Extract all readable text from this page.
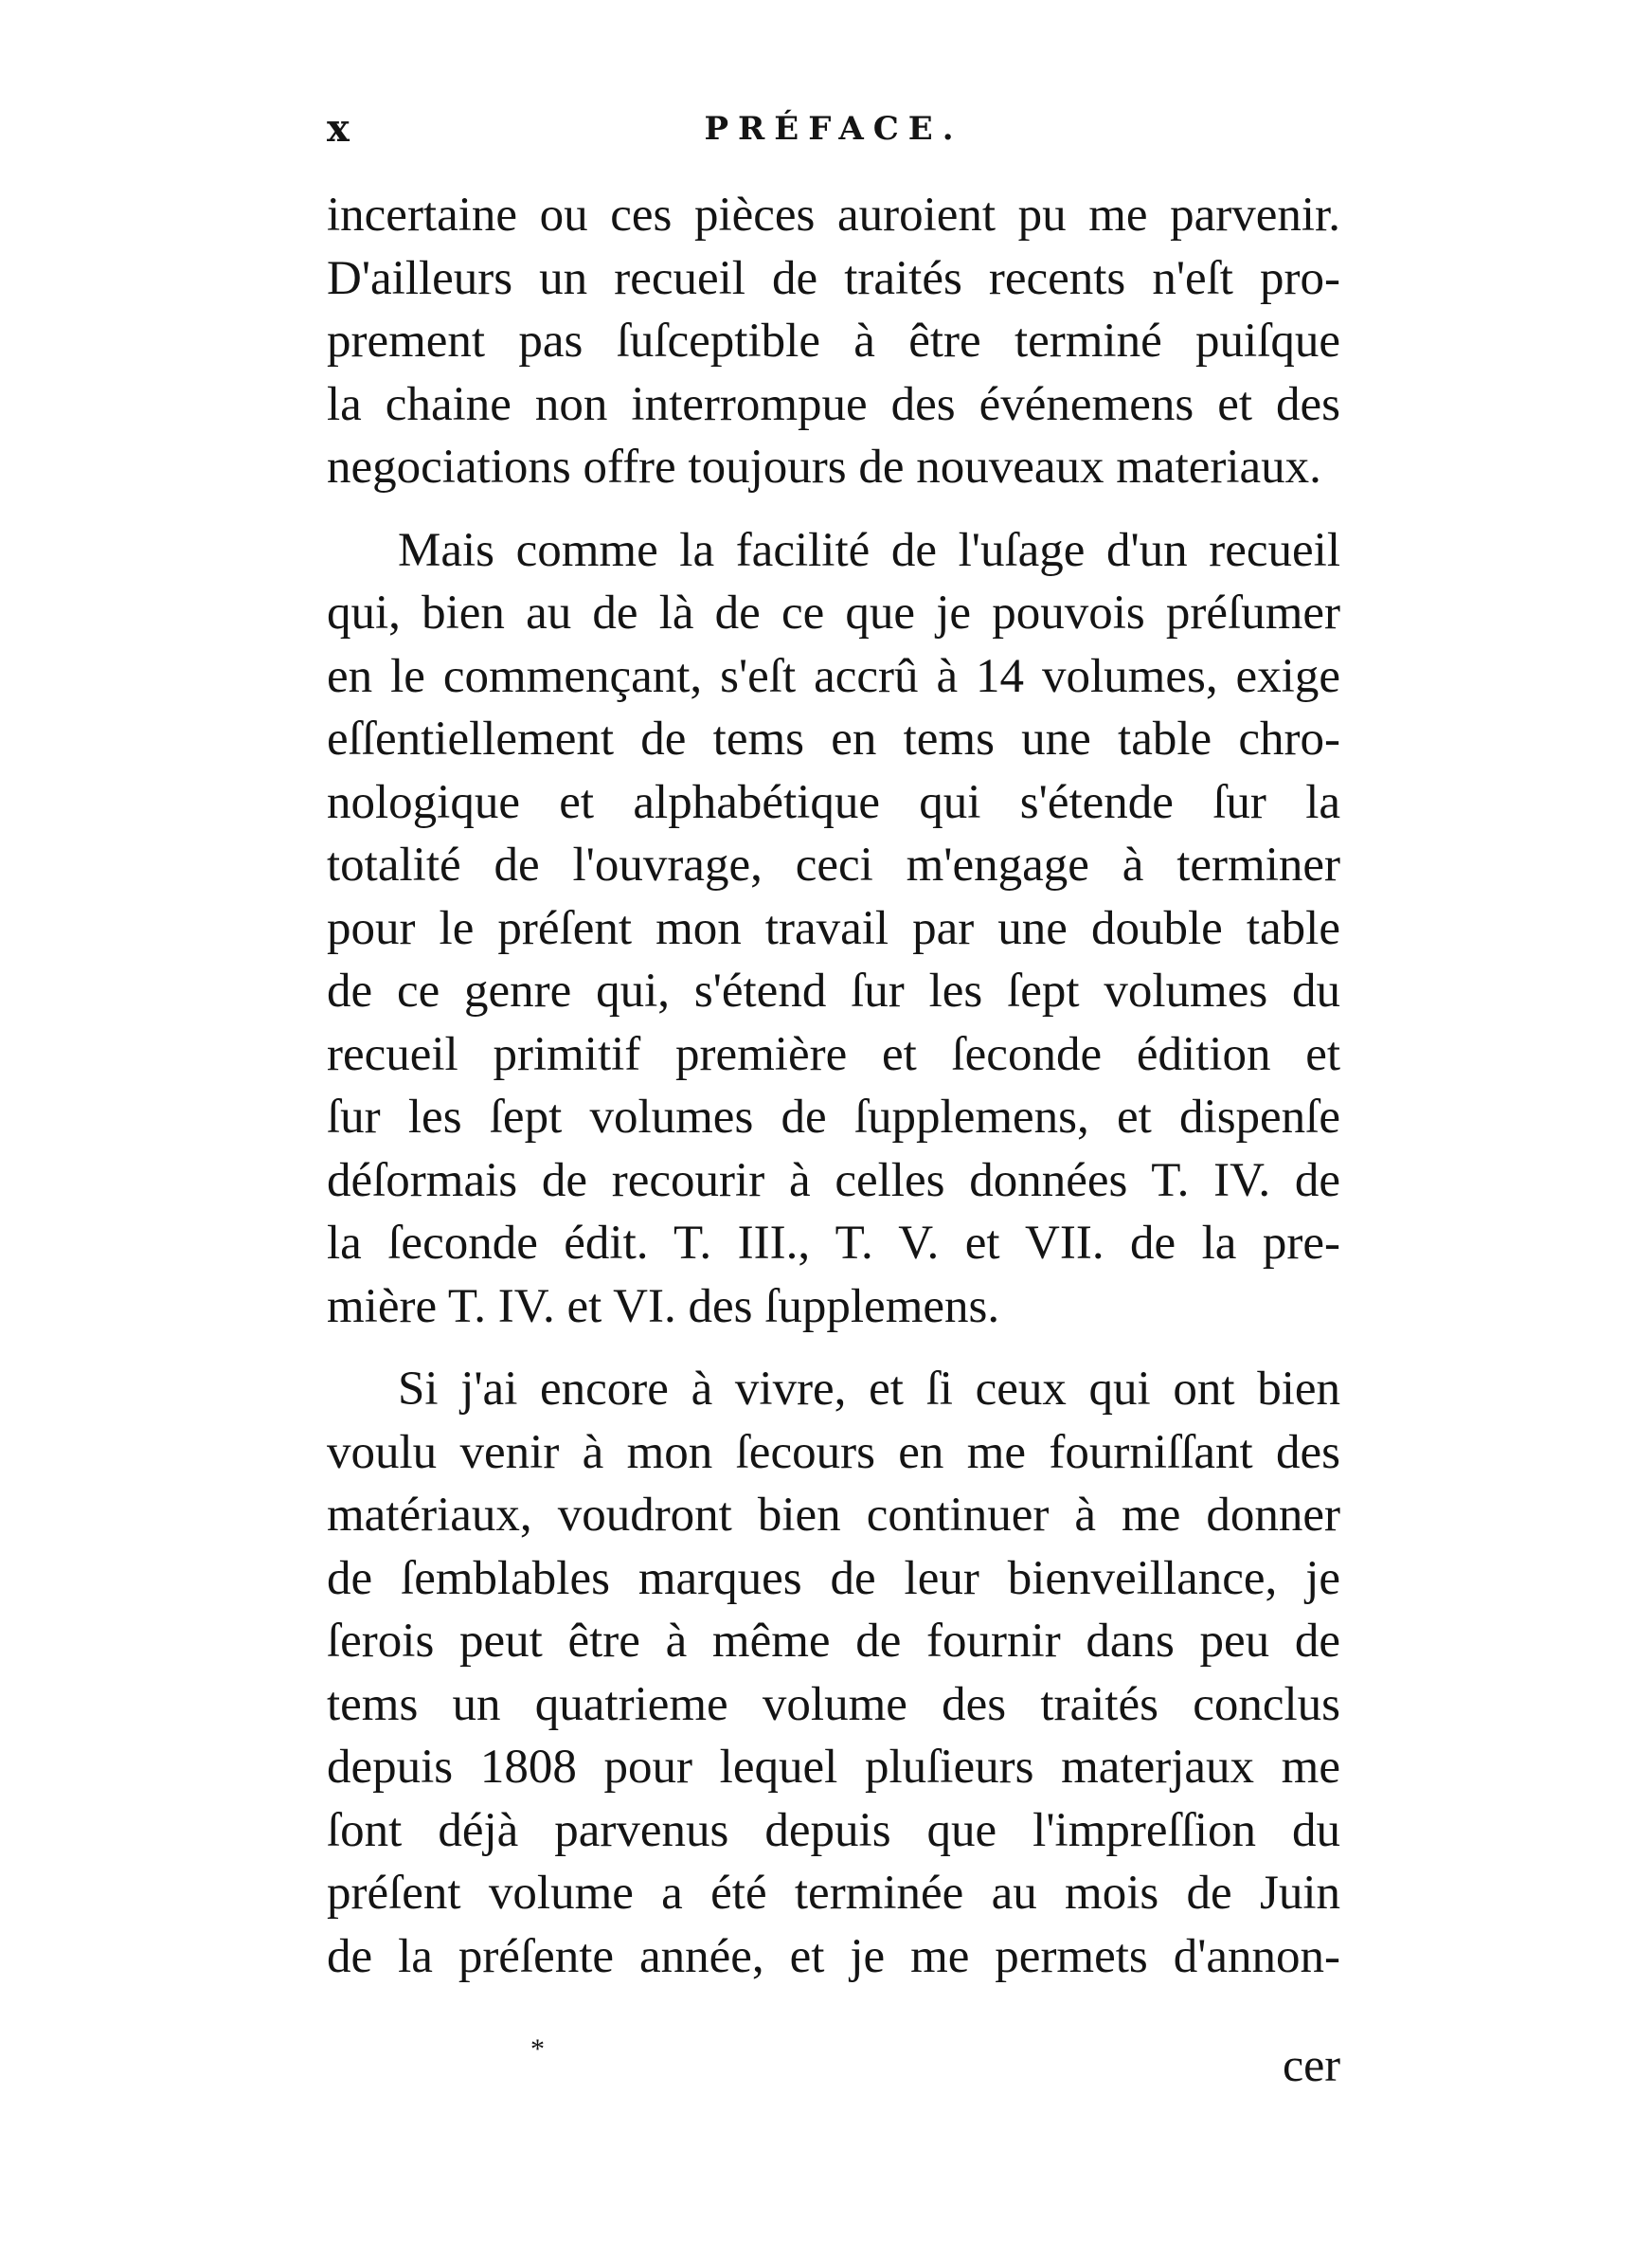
x	PRÉFACE.
incertaine ou ces pièces auroient pu me parvenir.
D'ailleurs un recueil de traités recents n'eſt pro-
prement pas ſuſceptible à être terminé puiſque
la chaine non interrompue des événemens et des
negociations offre toujours de nouveaux materiaux.
Mais comme la facilité de l'uſage d'un recueil
qui, bien au de là de ce que je pouvois préſumer
en le commençant, s'eſt accrû à 14 volumes, exige
eſſentiellement de tems en tems une table chro-
nologique et alphabétique qui s'étende ſur la
totalité de l'ouvrage, ceci m'engage à terminer
pour le préſent mon travail par une double table
de ce genre qui, s'étend ſur les ſept volumes du
recueil primitif première et ſeconde édition et
ſur les ſept volumes de ſupplemens, et dispenſe
déſormais de recourir à celles données T. IV. de
la ſeconde édit. T. III., T. V. et VII. de la pre-
mière T. IV. et VI. des ſupplemens.
Si j'ai encore à vivre, et ſi ceux qui ont bien
voulu venir à mon ſecours en me fourniſſant des
matériaux, voudront bien continuer à me donner
de ſemblables marques de leur bienveillance, je
ſerois peut être à même de fournir dans peu de
tems un quatrieme volume des traités conclus
depuis 1808 pour lequel pluſieurs materjaux me
ſont déjà parvenus depuis que l'impreſſion du
préſent volume a été terminée au mois de Juin
de la préſente année, et je me permets d'annon-
*	cer
